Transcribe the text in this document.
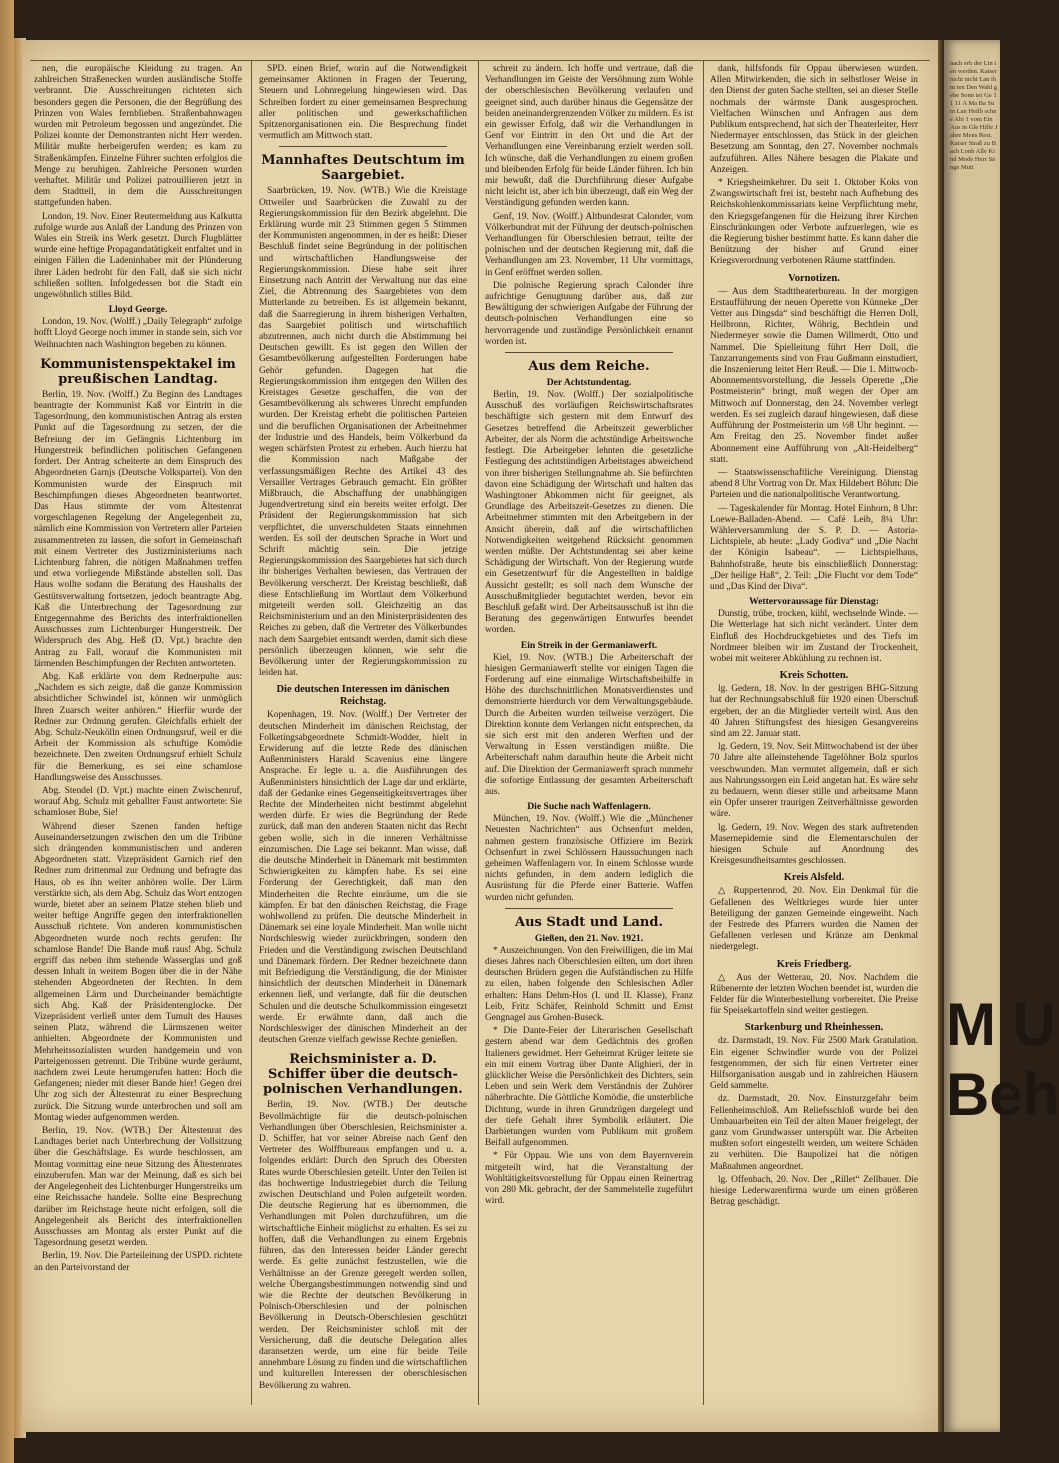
nen, die europäische Kleidung zu tragen. An zahlreichen Straßenecken wurden ausländische Stoffe verbrannt. Die Ausschreitungen richteten sich besonders gegen die Personen, die der Begrüßung des Prinzen von Wales fernblieben. Straßenbahnwagen wurden mit Petroleum begossen und angezündet. Die Polizei konnte der Demonstranten nicht Herr werden. Militär mußte herbeigerufen werden; es kam zu Straßenkämpfen. Einzelne Führer suchten erfolglos die Menge zu beruhigen. Zahlreiche Personen wurden verhaftet. Militär und Polizei patrouillieren jetzt in dem Stadtteil, in dem die Ausschreitungen stattgefunden haben.

London, 19. Nov. Einer Reutermeldung aus Kalkutta zufolge wurde aus Anlaß der Landung des Prinzen von Wales ein Streik ins Werk gesetzt. Durch Flugblätter wurde eine heftige Propagandatätigkeit entfaltet und in einigen Fällen die Ladeninhaber mit der Plünderung ihrer Läden bedroht für den Fall, daß sie sich nicht schließen sollten. Infolgedessen bot die Stadt ein ungewöhnlich stilles Bild.

Lloyd George.

London, 19. Nov. (Wolff.) „Daily Telegraph“ zufolge hofft Lloyd George noch immer in stande sein, sich vor Weihnachten nach Washington begeben zu können.

Kommunistenspektakel im preußischen Landtag.

Berlin, 19. Nov. (Wolff.) Zu Beginn des Landtages beantragte der Kommunist Kaß vor Eintritt in die Tagesordnung, den kommunistischen Antrag als ersten Punkt auf die Tagesordnung zu setzen, der die Befreiung der im Gefängnis Lichtenburg im Hungerstreik befindlichen politischen Gefangenen fordert. Der Antrag scheiterte an dem Einspruch des Abgeordneten Garnjs (Deutsche Volkspartei). Von den Kommunisten wurde der Einspruch mit Beschimpfungen dieses Abgeordneten beantwortet. Das Haus stimmte der vom Ältestenrat vorgeschlagenen Regelung der Angelegenheit zu, nämlich eine Kommission von Vertretern aller Parteien zusammentreten zu lassen, die sofort in Gemeinschaft mit einem Vertreter des Justizministeriums nach Lichtenburg fahren, die nötigen Maßnahmen treffen und etwa vorliegende Mißstände abstellen soll. Das Haus wollte sodann die Beratung des Haushalts der Gestütsverwaltung fortsetzen, jedoch beantragte Abg. Kaß die Unterbrechung der Tagesordnung zur Entgegennahme des Berichts des interfraktionellen Ausschusses zum Lichtenburger Hungerstreik. Der Widerspruch des Abg. Heß (D. Vpt.) brachte den Antrag zu Fall, worauf die Kommunisten mit lärmenden Beschimpfungen der Rechten antworteten.

Abg. Kaß erklärte von dem Rednerpulte aus: „Nachdem es sich zeigte, daß die ganze Kommission absichtlicher Schwindel ist, können wir unmöglich Ihren Zuarsch weiter anhören.“ Hierfür wurde der Redner zur Ordnung gerufen. Gleichfalls erhielt der Abg. Schulz-Neukölln einen Ordnungsruf, weil er die Arbeit der Kommission als schuftige Komödie bezeichnete. Den zweiten Ordnungsruf erhielt Schulz für die Bemerkung, es sei eine schamlose Handlungsweise des Ausschusses.

Abg. Stendel (D. Vpt.) machte einen Zwischenruf, worauf Abg. Schulz mit geballter Faust antwortete: Sie schamloser Bube, Sie!

Während dieser Szenen fanden heftige Auseinandersetzungen zwischen den um die Tribüne sich drängenden kommunistischen und anderen Abgeordneten statt. Vizepräsident Garnich rief den Redner zum drittenmal zur Ordnung und befragte das Haus, ob es ihn weiter anhören wolle. Der Lärm verstärkte sich, als dem Abg. Schulz das Wort entzogen wurde, bietet aber an seinem Platze stehen blieb und weiter heftige Angriffe gegen den interfraktionellen Ausschuß richtete. Von anderen kommunistischen Abgeordneten wurde noch rechts gerufen: Ihr schamlose Bande! Die Bande muß raus! Abg. Schulz ergriff das neben ihm stehende Wasserglas und goß dessen Inhalt in weitem Bogen über die in der Nähe stehenden Abgeordneten der Rechten. In dem allgemeinen Lärm und Durcheinander bemächtigte sich Abg. Kaß der Präsidentenglocke. Der Vizepräsident verließ unter dem Tumult des Hauses seinen Platz, während die Lärmszenen weiter anhielten. Abgeordnete der Kommunisten und Mehrheitssozialisten wurden handgemein und von Parteigenossen getrennt. Die Tribüne wurde geräumt, nachdem zwei Leute herumgerufen hatten: Hoch die Gefangenen; nieder mit dieser Bande hier! Gegen drei Uhr zog sich der Ältestenrat zu einer Besprechung zurück. Die Sitzung wurde unterbrochen und soll am Montag wieder aufgenommen werden.

Berlin, 19. Nov. (WTB.) Der Ältestenrat des Landtages beriet nach Unterbrechung der Vollsitzung über die Geschäftslage. Es wurde beschlossen, am Montag vormittag eine neue Sitzung des Ältestenrates einzuberufen. Man war der Meinung, daß es sich bei der Angelegenheit des Lichtenburger Hungerstreiks um eine Reichssache handele. Sollte eine Besprechung darüber im Reichstage heute nicht erfolgen, soll die Angelegenheit als Bericht des interfraktionellen Ausschusses am Montag als erster Punkt auf die Tagesordnung gesetzt werden.

Berlin, 19. Nov. Die Parteileitung der USPD. richtete an den Parteivorstand der

SPD. einen Brief, worin auf die Notwendigkeit gemeinsamer Aktionen in Fragen der Teuerung, Steuern und Lohnregelung hingewiesen wird. Das Schreiben fordert zu einer gemeinsamen Besprechung aller politischen und gewerkschaftlichen Spitzenorganisationen ein. Die Besprechung findet vermutlich am Mittwoch statt.

Mannhaftes Deutschtum im Saargebiet.

Saarbrücken, 19. Nov. (WTB.) Wie die Kreistage Ottweiler und Saarbrücken die Zuwahl zu der Regierungskommission für den Bezirk abgelehnt. Die Erklärung wurde mit 23 Stimmen gegen 5 Stimmen der Kommunisten angenommen, in der es heißt: Dieser Beschluß findet seine Begründung in der politischen und wirtschaftlichen Handlungsweise der Regierungskommission. Diese habe seit ihrer Einsetzung nach Antritt der Verwaltung nur das eine Ziel, die Abtrennung des Saargebietes von dem Mutterlande zu betreiben. Es ist allgemein bekannt, daß die Saarregierung in ihrem bisherigen Verhalten, das Saargebiet politisch und wirtschaftlich abzutrennen, auch nicht durch die Abstimmung bei Deutschen gewillt. Es ist gegen den Willen der Gesamtbevölkerung aufgestellten Forderungen habe Gehör gefunden. Dagegen hat die Regierungskommission ihm entgegen den Willen des Kreistages Gesetze geschaffen, die von der Gesamtbevölkerung als schweres Unrecht empfunden wurden. Der Kreistag erhebt die politischen Parteien und die beruflichen Organisationen der Arbeitnehmer der Industrie und des Handels, beim Völkerbund da wegen schärfsten Protest zu erheben. Auch hierzu hat die Kommission nach Maßgabe der verfassungsmäßigen Rechte des Artikel 43 des Versailler Vertrages Gebrauch gemacht. Ein größter Mißbrauch, die Abschaffung der unabhängigen Jugendvertretung sind ein bereits weiter erfolgt. Der Präsident der Regierungskommission hat sich verpflichtet, die unverschuldeten Staats einnehmen werden. Es soll der deutschen Sprache in Wort und Schrift mächtig sein. Die jetzige Regierungskommission des Saargebietes hat sich durch ihr bisheriges Verhalten bewiesen, das Vertrauen der Bevölkerung verscherzt. Der Kreistag beschließt, daß diese Entschließung im Wortlaut dem Völkerbund mitgeteilt werden soll. Gleichzeitig an das Reichsministerium und an den Ministerpräsidenten des Reiches zu geben, daß die Vertreter des Völkerbundes nach dem Saargebiet entsandt werden, damit sich diese persönlich überzeugen können, wie sehr die Bevölkerung unter der Regierungskommission zu leiden hat.

Die deutschen Interessen im dänischen Reichstag.

Kopenhagen, 19. Nov. (Wolff.) Der Vertreter der deutschen Minderheit im dänischen Reichstag, der Folketingsabgeordnete Schmidt-Wodder, hielt in Erwiderung auf die letzte Rede des dänischen Außenministers Harald Scavenius eine längere Ansprache. Er legte u. a. die Ausführungen des Außenministers hinsichtlich der Lage dar und erklärte, daß der Gedanke eines Gegenseitigkeitsvertrages über Rechte der Minderheiten nicht bestimmt abgelehnt werden dürfe. Er wies die Begründung der Rede zurück, daß man den anderen Staaten nicht das Recht geben wolle, sich in die inneren Verhältnisse einzumischen. Die Lage sei bekannt. Man wisse, daß die deutsche Minderheit in Dänemark mit bestimmten Schwierigkeiten zu kämpfen habe. Es sei eine Forderung der Gerechtigkeit, daß man den Minderheiten die Rechte einräume, um die sie kämpfen. Er bat den dänischen Reichstag, die Frage wohlwollend zu prüfen. Die deutsche Minderheit in Dänemark sei eine loyale Minderheit. Man wolle nicht Nordschleswig wieder zurückbringen, sondern den Frieden und die Verständigung zwischen Deutschland und Dänemark fördern. Der Redner bezeichnete dann mit Befriedigung die Verständigung, die der Minister hinsichtlich der deutschen Minderheit in Dänemark erkennen ließ, und verlangte, daß für die deutschen Schulen und die deutsche Schulkommission eingesetzt werde. Er erwähnte dann, daß auch die Nordschleswiger der dänischen Minderheit an der deutschen Grenze vielfach gewisse Rechte genießen.

Reichsminister a. D. Schiffer über die deutsch-polnischen Verhandlungen.

Berlin, 19. Nov. (WTB.) Der deutsche Bevollmächtigte für die deutsch-polnischen Verhandlungen über Oberschlesien, Reichsminister a. D. Schiffer, hat vor seiner Abreise nach Genf den Vertreter des Wolffbureaus empfangen und u. a. folgendes erklärt: Durch den Spruch des Obersten Rates wurde Oberschlesien geteilt. Unter den Teilen ist das hochwertige Industriegebiet durch die Teilung zwischen Deutschland und Polen aufgeteilt worden. Die deutsche Regierung hat es übernommen, die Verhandlungen mit Polen durchzuführen, um die wirtschaftliche Einheit möglichst zu erhalten. Es sei zu hoffen, daß die Verhandlungen zu einem Ergebnis führen, das den Interessen beider Länder gerecht werde. Es gelte zunächst festzustellen, wie die Verhältnisse an der Grenze geregelt werden sollen, welche Übergangsbestimmungen notwendig sind und wie die Rechte der deutschen Bevölkerung in Polnisch-Oberschlesien und der polnischen Bevölkerung in Deutsch-Oberschlesien geschützt werden. Der Reichsminister schloß mit der Versicherung, daß die deutsche Delegation alles daransetzen werde, um eine für beide Teile annehmbare Lösung zu finden und die wirtschaftlichen und kulturellen Interessen der oberschlesischen Bevölkerung zu wahren.

schreit zu ändern. Ich hoffe und vertraue, daß die Verhandlungen im Geiste der Versöhnung zum Wohle der oberschlesischen Bevölkerung verlaufen und geeignet sind, auch darüber hinaus die Gegensätze der beiden aneinandergrenzenden Völker zu mildern. Es ist ein gewisser Erfolg, daß wir die Verhandlungen in Genf vor Eintritt in den Ort und die Art der Verhandlungen eine Vereinbarung erzielt werden soll. Ich wünsche, daß die Verhandlungen zu einem großen und bleibenden Erfolg für beide Länder führen. Ich bin mir bewußt, daß die Durchführung dieser Aufgabe nicht leicht ist, aber ich bin überzeugt, daß ein Weg der Verständigung gefunden werden kann.

Genf, 19. Nov. (Wolff.) Altbundesrat Calonder, vom Völkerbundrat mit der Führung der deutsch-polnischen Verhandlungen für Oberschlesien betraut, teilte der polnischen und der deutschen Regierung mit, daß die Verhandlungen am 23. November, 11 Uhr vormittags, in Genf eröffnet werden sollen.

Die polnische Regierung sprach Calonder ihre aufrichtige Genugtuung darüber aus, daß zur Bewältigung der schwierigen Aufgabe der Führung der deutsch-polnischen Verhandlungen eine so hervorragende und zuständige Persönlichkeit ernannt worden ist.

Aus dem Reiche.
Der Achtstundentag.

Berlin, 19. Nov. (Wolff.) Der sozialpolitische Ausschuß des vorläufigen Reichswirtschaftsrates beschäftigte sich gestern mit dem Entwurf des Gesetzes betreffend die Arbeitszeit gewerblicher Arbeiter, der als Norm die achtstündige Arbeitswoche festlegt. Die Arbeitgeber lehnten die gesetzliche Festlegung des achtstündigen Arbeitstages abweichend von ihrer bisherigen Stellungnahme ab. Sie befürchten davon eine Schädigung der Wirtschaft und halten das Washingtoner Abkommen nicht für geeignet, als Grundlage des Arbeitszeit-Gesetzes zu dienen. Die Arbeitnehmer stimmten mit den Arbeitgebern in der Ansicht überein, daß auf die wirtschaftlichen Notwendigkeiten weitgehend Rücksicht genommen werden müßte. Der Achtstundentag sei aber keine Schädigung der Wirtschaft. Von der Regierung wurde ein Gesetzentwurf für die Angestellten in baldige Aussicht gestellt; es soll nach dem Wunsche der Ausschußmitglieder begutachtet werden, bevor ein Beschluß gefaßt wird. Der Arbeitsausschuß ist ihn die Beratung des gegenwärtigen Entwurfes beendet worden.

Ein Streik in der Germaniawerft.

Kiel, 19. Nov. (WTB.) Die Arbeiterschaft der hiesigen Germaniawerft stellte vor einigen Tagen die Forderung auf eine einmalige Wirtschaftsbeihilfe in Höhe des durchschnittlichen Monatsverdienstes und demonstrierte hierdurch vor dem Verwaltungsgebäude. Durch die Arbeiten wurden teilweise verzögert. Die Direktion konnte dem Verlangen nicht entsprechen, da sie sich erst mit den anderen Werften und der Verwaltung in Essen verständigen müßte. Die Arbeiterschaft nahm daraufhin heute die Arbeit nicht auf. Die Direktion der Germaniawerft sprach nunmehr die sofortige Entlassung der gesamten Arbeiterschaft aus.

Die Suche nach Waffenlagern.

München, 19. Nov. (Wolff.) Wie die „Münchener Neuesten Nachrichten“ aus Ochsenfurt melden, nahmen gestern französische Offiziere im Bezirk Ochsenfurt in zwei Schlössern Haussuchungen nach geheimen Waffenlagern vor. In einem Schlosse wurde nichts gefunden, in dem andern lediglich die Ausrüstung für die Pferde einer Batterie. Waffen wurden nicht gefunden.

Aus Stadt und Land.
Gießen, den 21. Nov. 1921.

* Auszeichnungen. Von den Freiwilligen, die im Mai dieses Jahres nach Oberschlesien eilten, um dort ihren deutschen Brüdern gegen die Aufständischen zu Hilfe zu eilen, haben folgende den Schlesischen Adler erhalten: Hans Dehm-Hos (I. und II. Klasse), Franz Leib, Fritz Schäfer, Reinhold Schmitt und Ernst Gengnagel aus Grohen-Buseck.

* Die Dante-Feier der Literarischen Gesellschaft gestern abend war dem Gedächtnis des großen Italieners gewidmet. Herr Geheimrat Krüger leitete sie ein mit einem Vortrag über Dante Alighieri, der in glücklicher Weise die Persönlichkeit des Dichters, sein Leben und sein Werk dem Verständnis der Zuhörer näherbrachte. Die Göttliche Komödie, die unsterbliche Dichtung, wurde in ihren Grundzügen dargelegt und der tiefe Gehalt ihrer Symbolik erläutert. Die Darbietungen wurden vom Publikum mit großem Beifall aufgenommen.

* Für Oppau. Wie uns von dem Bayernverein mitgeteilt wird, hat die Veranstaltung der Wohltätigkeitsvorstellung für Oppau einen Reinertrag von 280 Mk. gebracht, der der Sammelstelle zugeführt wird.

dank, hilfsfonds für Oppau überwiesen wurden. Allen Mitwirkenden, die sich in selbstloser Weise in den Dienst der guten Sache stellten, sei an dieser Stelle nochmals der wärmste Dank ausgesprochen. Vielfachen Wünschen und Anfragen aus dem Publikum entsprechend, hat sich der Theaterleiter, Herr Niedermayer entschlossen, das Stück in der gleichen Besetzung am Sonntag, den 27. November nochmals aufzuführen. Alles Nähere besagen die Plakate und Anzeigen.

* Kriegsheimkehrer. Da seit 1. Oktober Koks von Zwangswirtschaft frei ist, besteht nach Aufhebung des Reichskohlenkommissariats keine Verpflichtung mehr, den Kriegsgefangenen für die Heizung ihrer Kirchen Einschränkungen oder Verbote aufzuerlegen, wie es die Regierung bisher bestimmt hatte. Es kann daher die Benützung der bisher auf Grund einer Kriegsverordnung verbotenen Räume stattfinden.

Vornotizen.

— Aus dem Stadttheaterbureau. In der morgigen Erstaufführung der neuen Operette von Künneke „Der Vetter aus Dingsda“ sind beschäftigt die Herren Doll, Heilbronn, Richter, Wöhrig, Bechtlein und Niedermeyer sowie die Damen Willmerdt, Otto und Nammel. Die Spielleitung führt Herr Doll, die Tanzarrangements sind von Frau Gußmann einstudiert, die Inszenierung leitet Herr Reuß. — Die 1. Mittwoch-Abonnementsvorstellung, die Jessels Operette „Die Postmeisterin“ bringt, muß wegen der Oper am Mittwoch auf Donnerstag, den 24. November verlegt werden. Es sei zugleich darauf hingewiesen, daß diese Aufführung der Postmeisterin um ½8 Uhr beginnt. — Am Freitag den 25. November findet außer Abonnement eine Aufführung von „Alt-Heidelberg“ statt.

— Staatswissenschaftliche Vereinigung. Dienstag abend 8 Uhr Vortrag von Dr. Max Hildebert Böhm: Die Parteien und die nationalpolitische Verantwortung.

— Tageskalender für Montag. Hotel Einhorn, 8 Uhr: Loewe-Balladen-Abend. — Café Leib, 8¼ Uhr: Wählerversammlung der S. P. D. — Astoria-Lichtspiele, ab heute: „Lady Godiva“ und „Die Nacht der Königin Isabeau“. — Lichtspielhaus, Bahnhofstraße, heute bis einschließlich Donnerstag: „Der heilige Haß“, 2. Teil: „Die Flucht vor dem Tode“ und „Das Kind der Diva“.

Wettervoraussage für Dienstag:

Dunstig, trübe, trocken, kühl, wechselnde Winde. — Die Wetterlage hat sich nicht verändert. Unter dem Einfluß des Hochdruckgebietes und des Tiefs im Nordmeer bleiben wir im Zustand der Trockenheit, wobei mit weiterer Abkühlung zu rechnen ist.

Kreis Schotten.

lg. Gedern, 18. Nov. In der gestrigen BHG-Sitzung hat der Rechnungsabschluß für 1920 einen Überschuß ergeben, der an die Mitglieder verteilt wird. Aus den 40 Jahren Stiftungsfest des hiesigen Gesangvereins sind am 22. Januar statt.

lg. Gedern, 19. Nov. Seit Mittwochabend ist der über 70 Jahre alte alleinstehende Tagelöhner Bolz spurlos verschwunden. Man vermutet allgemein, daß er sich aus Nahrungssorgen ein Leid angetan hat. Es wäre sehr zu bedauern, wenn dieser stille und arbeitsame Mann ein Opfer unserer traurigen Zeitverhältnisse geworden wäre.

lg. Gedern, 19. Nov. Wegen des stark auftretenden Masernepidemie sind die Elementarschulen der hiesigen Schule auf Anordnung des Kreisgesundheitsamtes geschlossen.

Kreis Alsfeld.

△ Ruppertenrod, 20. Nov. Ein Denkmal für die Gefallenen des Weltkrieges wurde hier unter Beteiligung der ganzen Gemeinde eingeweiht. Nach der Festrede des Pfarrers wurden die Namen der Gefallenen verlesen und Kränze am Denkmal niedergelegt.

Kreis Friedberg.

△ Aus der Wetterau, 20. Nov. Nachdem die Rübenernte der letzten Wochen beendet ist, wurden die Felder für die Winterbestellung vorbereitet. Die Preise für Speisekartoffeln sind weiter gestiegen.

Starkenburg und Rheinhessen.

dz. Darmstadt, 19. Nov. Für 2500 Mark Gratulation. Ein eigener Schwindler wurde von der Polizei festgenommen, der sich für einen Vertreter einer Hilfsorganisation ausgab und in zahlreichen Häusern Geld sammelte.

dz. Darmstadt, 20. Nov. Einsturzgefahr beim Fellenheimschloß. Am Reliefsschloß wurde bei den Umbauarbeiten ein Teil der alten Mauer freigelegt, der ganz vom Grundwasser unterspült war. Die Arbeiten mußten sofort eingestellt werden, um weitere Schäden zu verhüten. Die Baupolizei hat die nötigen Maßnahmen angeordnet.

lg. Offenbach, 20. Nov. Der „Rillet“ Zellbauer. Die hiesige Lederwarenfirma wurde um einen größeren Betrag geschädigt.

nach erh der Lin ten werden. Kaiser nicht nicht Lan ihm ten Den Wahl gebe Sonn ter Ge 11 11 A Ma Ba Sum Lan Heilb schne Abi 1 vom Ein Aus in Gle Hilfe Jahre Mens Rest. Kaiser Straß zu Bach Lonh Alle Kind Mode Herr Sänge Mutt
M U Beh
